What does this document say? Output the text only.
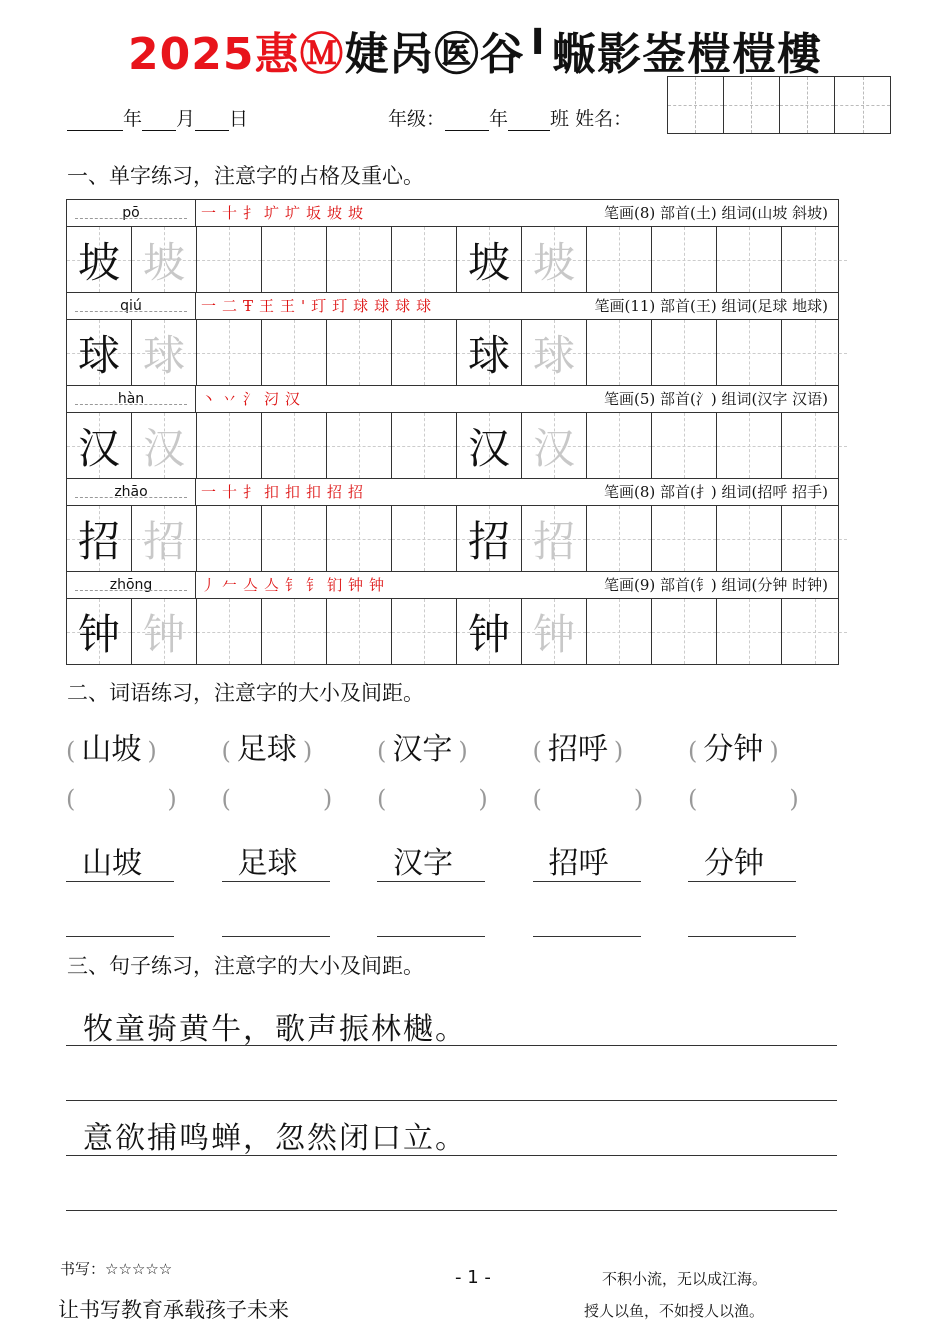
2025惠Ⓜ婕呙㊩谷╹蝂影崟榿榿樓
年 月 日	年级： 年 班 姓名：
一、单字练习，注意字的占格及重心。
pō	一十扌圹圹坂坡坡	笔画(8) 部首(土) 组词(山坡 斜坡)
坡 坡	坡 坡
qiú	一二Ŧ王王'玎玎球球球球	笔画(11) 部首(王) 组词(足球 地球)
球 球	球 球
hàn	丶丷氵汈汉	笔画(5) 部首(氵) 组词(汉字 汉语)
汉 汉	汉 汉
zhāo	一十扌扣扣扣招招	笔画(8) 部首(扌) 组词(招呼 招手)
招 招	招 招
zhōng	丿𠂉亼亼钅钅钔钟钟	笔画(9) 部首(钅) 组词(分钟 时钟)
钟 钟	钟 钟
二、词语练习，注意字的大小及间距。
( 山坡 )
(	)
山坡
( 足球 )
(	)
足球
( 汉字 )
(	)
汉字
( 招呼 )
(	)
招呼
( 分钟 )
(	)
分钟
三、句子练习，注意字的大小及间距。
牧童骑黄牛，歌声振林樾。
意欲捕鸣蝉，忽然闭口立。
书写：☆☆☆☆☆	- 1 -
让书写教育承载孩子未来
不积小流，无以成江海。
授人以鱼，不如授人以渔。
